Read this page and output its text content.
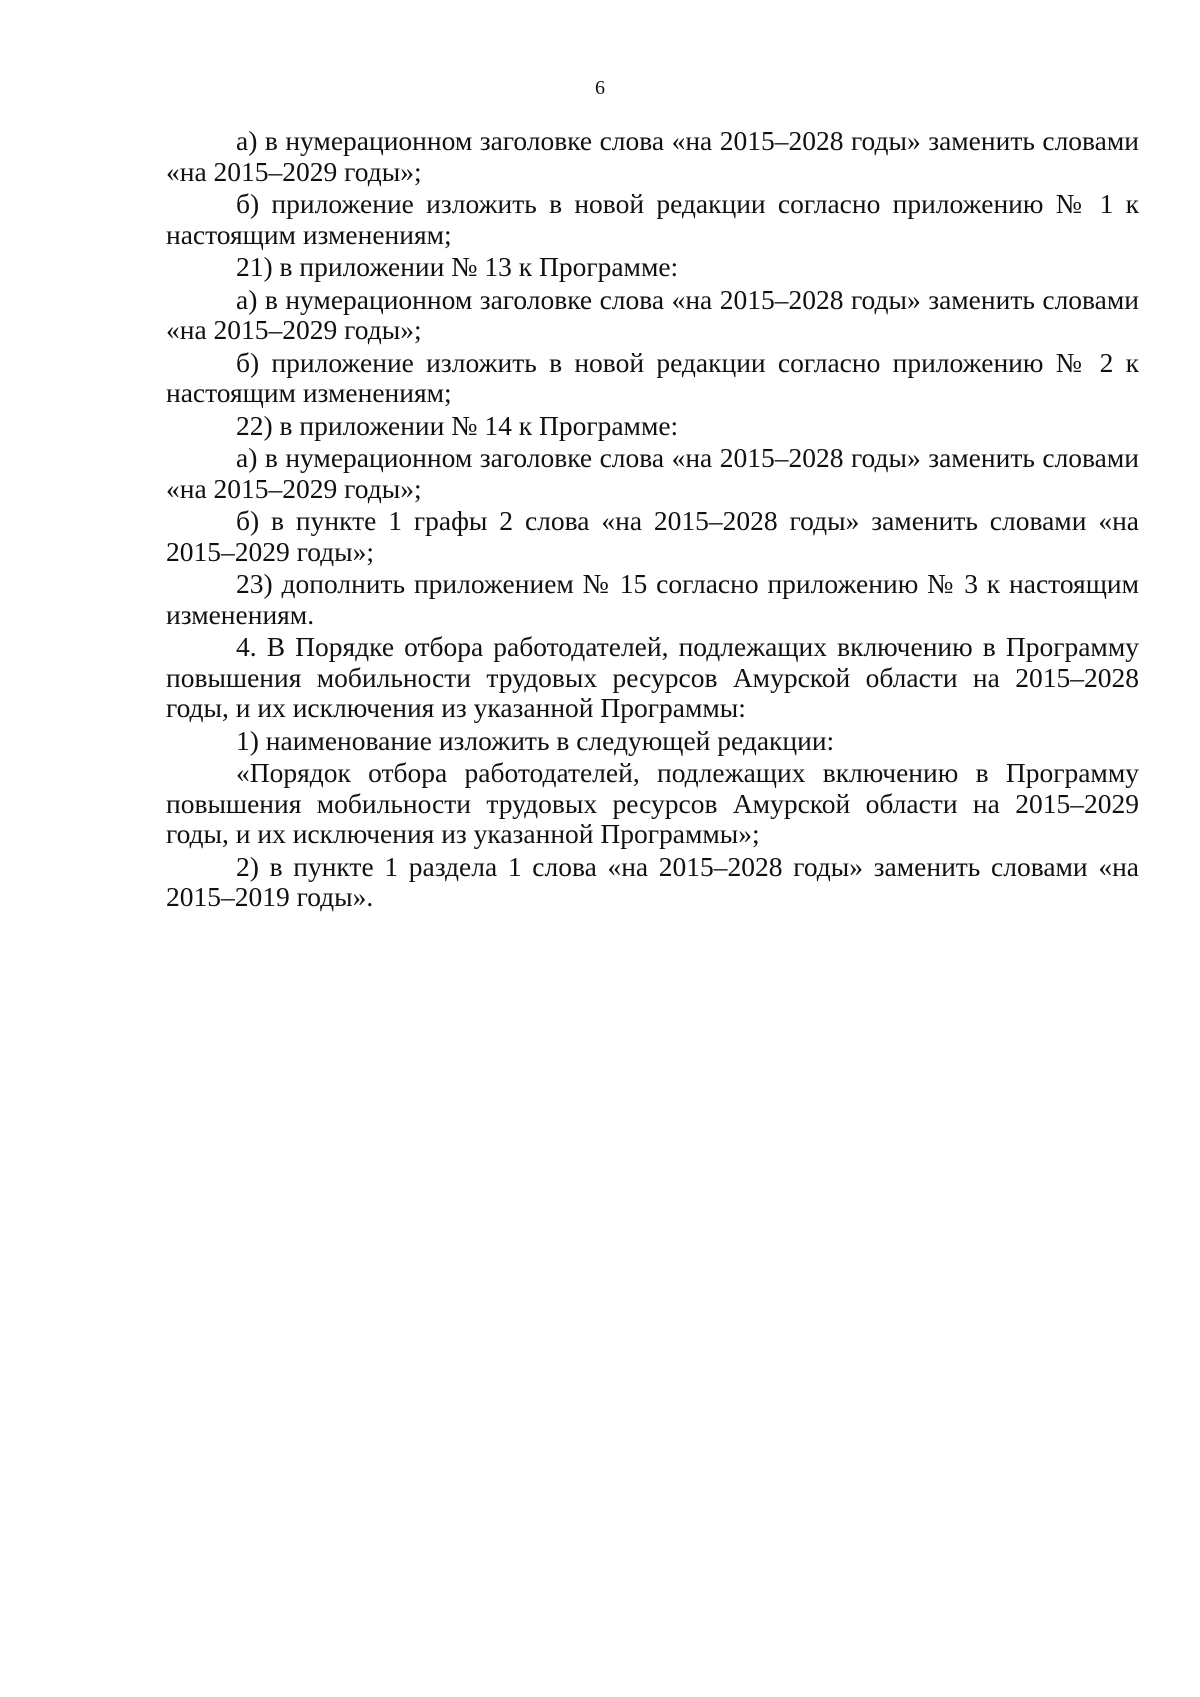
6

а) в нумерационном заголовке слова «на 2015–2028 годы» заменить словами «на 2015–2029 годы»;

б) приложение изложить в новой редакции согласно приложению № 1 к настоящим изменениям;

21) в приложении № 13 к Программе:

а) в нумерационном заголовке слова «на 2015–2028 годы» заменить словами «на 2015–2029 годы»;

б) приложение изложить в новой редакции согласно приложению № 2 к настоящим изменениям;

22) в приложении № 14 к Программе:

а) в нумерационном заголовке слова «на 2015–2028 годы» заменить словами «на 2015–2029 годы»;

б) в пункте 1 графы 2 слова «на 2015–2028 годы» заменить словами «на 2015–2029 годы»;

23) дополнить приложением № 15 согласно приложению № 3 к настоящим изменениям.

4. В Порядке отбора работодателей, подлежащих включению в Программу повышения мобильности трудовых ресурсов Амурской области на 2015–2028 годы, и их исключения из указанной Программы:

1) наименование изложить в следующей редакции:

«Порядок отбора работодателей, подлежащих включению в Программу повышения мобильности трудовых ресурсов Амурской области на 2015–2029 годы, и их исключения из указанной Программы»;

2) в пункте 1 раздела 1 слова «на 2015–2028 годы» заменить словами «на 2015–2019 годы».
